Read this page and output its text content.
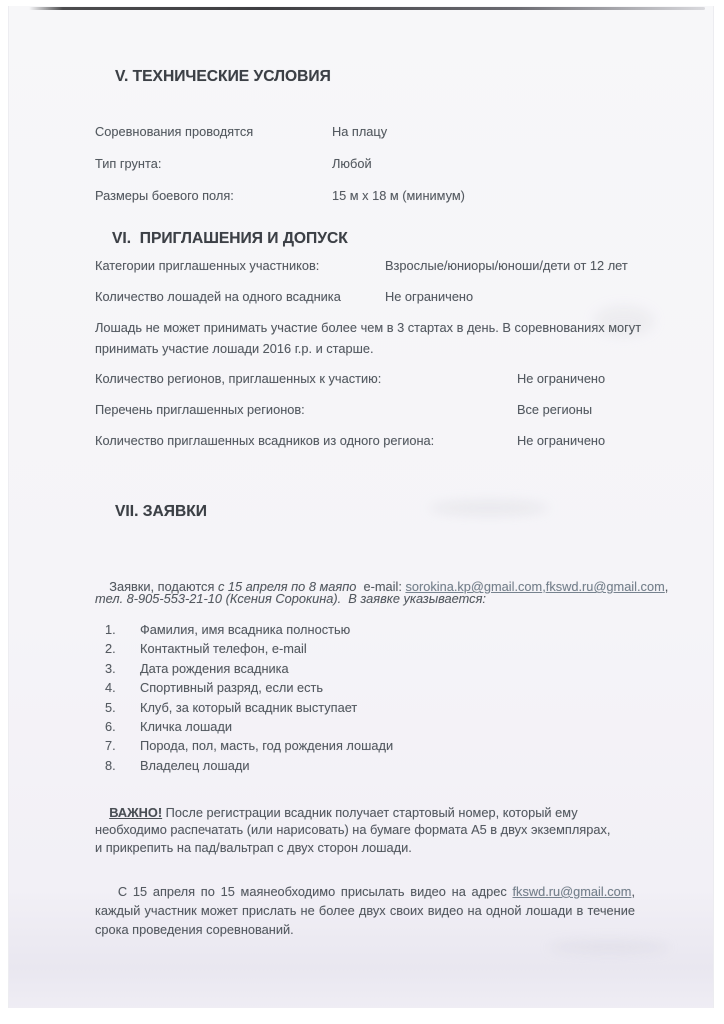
V. ТЕХНИЧЕСКИЕ УСЛОВИЯ
Соревнования проводятся	На плацу
Тип грунта:	Любой
Размеры боевого поля:	15 м х 18 м (минимум)
VI.  ПРИГЛАШЕНИЯ И ДОПУСК
Категории приглашенных участников:	Взрослые/юниоры/юноши/дети от 12 лет
Количество лошадей на одного всадника	Не ограничено
Лошадь не может принимать участие более чем в 3 стартах в день. В соревнованиях могут принимать участие лошади 2016 г.р. и старше.
Количество регионов, приглашенных к участию:	Не ограничено
Перечень приглашенных регионов:	Все регионы
Количество приглашенных всадников из одного региона:	Не ограничено
VII. ЗАЯВКИ

Заявки, подаются с 15 апреля по 8 маяпо  e-mail: sorokina.kp@gmail.com,fkswd.ru@gmail.com,

тел. 8-905-553-21-10 (Ксения Сорокина).  В заявке указывается:
1.	Фамилия, имя всадника полностью
2.	Контактный телефон, e-mail
3.	Дата рождения всадника
4.	Спортивный разряд, если есть
5.	Клуб, за который всадник выступает
6.	Кличка лошади
7.	Порода, пол, масть, год рождения лошади
8.	Владелец лошади

ВАЖНО! После регистрации всадник получает стартовый номер, который ему необходимо распечатать (или нарисовать) на бумаге формата А5 в двух экземплярах, и прикрепить на пад/вальтрап с двух сторон лошади.

С 15 апреля по 15 маянеобходимо присылать видео на адрес fkswd.ru@gmail.com, каждый участник может прислать не более двух своих видео на одной лошади в течение срока проведения соревнований.
